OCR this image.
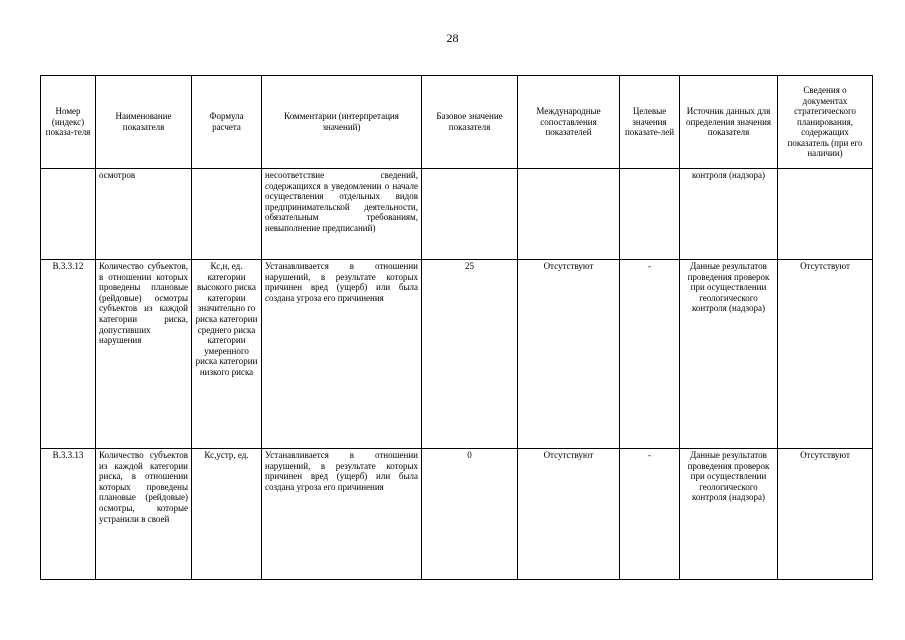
28
Номер (индекс) показа-теля	Наименование показателя	Формула расчета	Комментарии (интерпретация значений)	Базовое значение показателя	Международные сопоставления показателей	Целевые значения показате-лей	Источник данных для определения значения показателя	Сведения о документах стратегического планирования, содержащих показатель (при его наличии)
	осмотров		несоответствие сведений, содержащихся в уведомлении о начале осуществления отдельных видов предпринимательской деятельности, обязательным требованиям, невыполнение предписаний)				контроля (надзора)	
В.3.3.12	Количество субъектов, в отношении которых проведены плановые (рейдовые) осмотры субъектов из каждой категории риска, допустивших нарушения	Кс,н, ед. категории высокого риска категории значительно го риска категории среднего риска категории умеренного риска категории низкого риска	Устанавливается в отношении нарушений, в результате которых причинен вред (ущерб) или была создана угроза его причинения	25	Отсутствуют	-	Данные результатов проведения проверок при осуществлении геологического контроля (надзора)	Отсутствуют
В.3.3.13	Количество субъектов из каждой категории риска, в отношении которых проведены плановые (рейдовые) осмотры, которые устранили в своей	Кс,устр, ед.	Устанавливается в отношении нарушений, в результате которых причинен вред (ущерб) или была создана угроза его причинения	0	Отсутствуют	-	Данные результатов проведения проверок при осуществлении геологического контроля (надзора)	Отсутствуют
